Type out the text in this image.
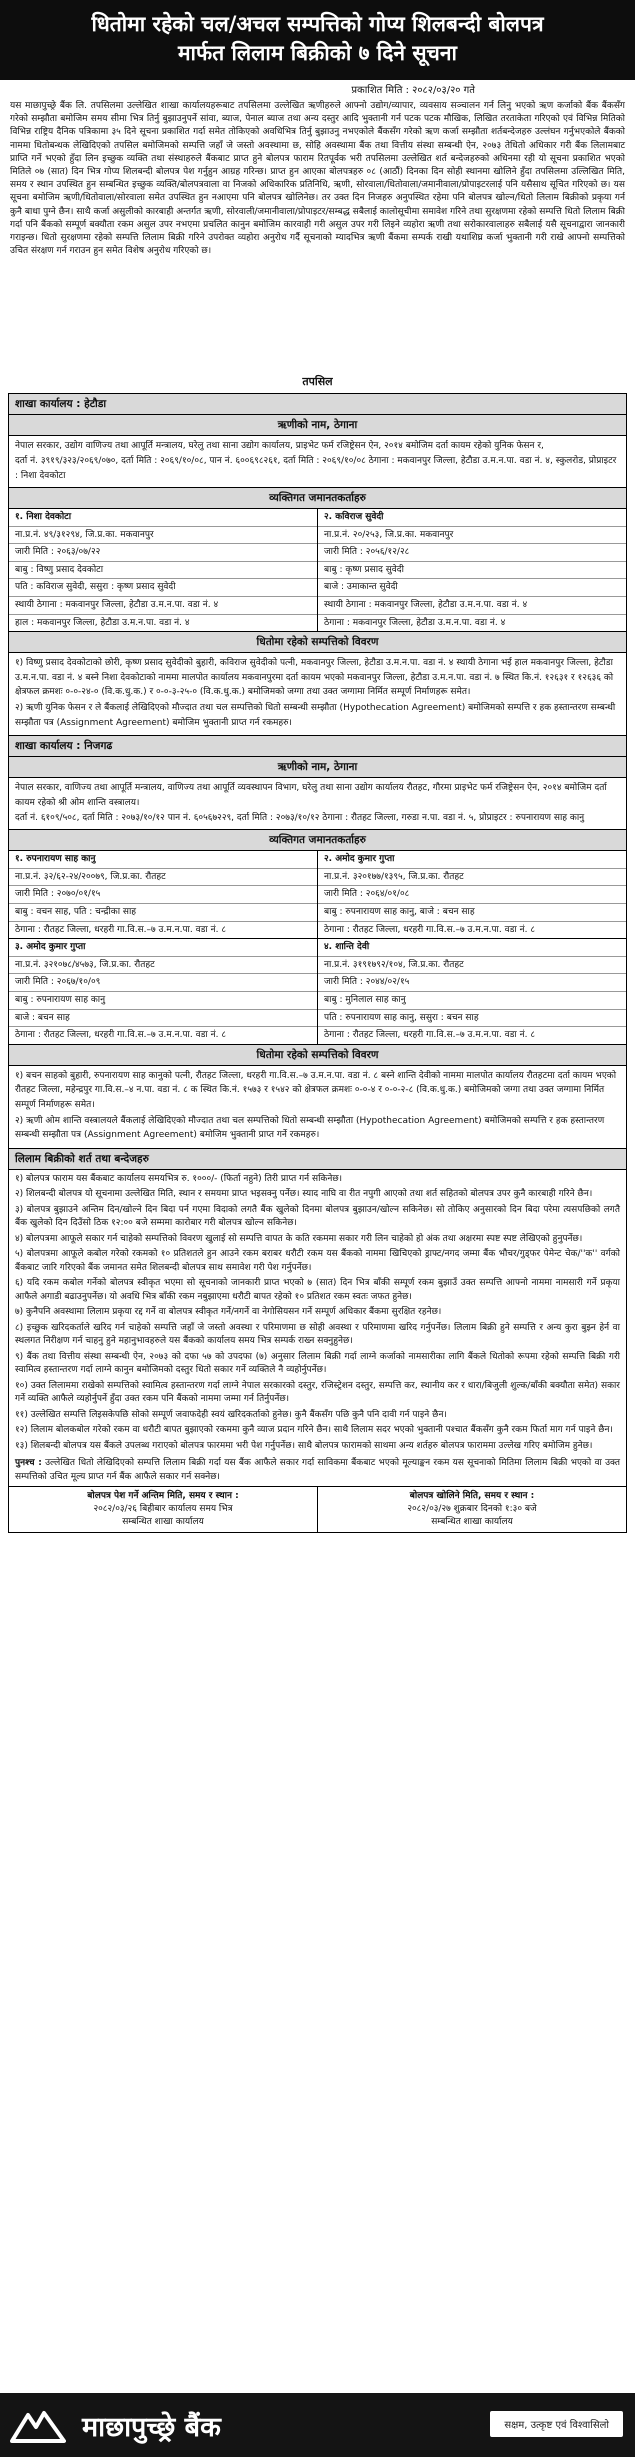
धितोमा रहेको चल/अचल सम्पत्तिको गोप्य शिलबन्दी बोलपत्र
मार्फत लिलाम बिक्रीको ७ दिने सूचना
प्रकाशित मिति : २०८२/०३/२० गते
यस माछापुच्छ्रे बैंक लि. तपसिलमा उल्लेखित शाखा कार्यालयहरूबाट तपसिलमा उल्लेखित ऋणीहरुले आफ्नो उद्योग/व्यापार, व्यवसाय सञ्चालन गर्न लिनु भएको ऋण कर्जाको बैंक बैंकसँग गरेको सम्झौता बमोजिम समय सीमा भित्र तिर्नु बुझाउनुपर्ने सांवा, ब्याज, पेनाल ब्याज तथा अन्य दस्तुर आदि भुक्तानी गर्न पटक पटक मौखिक, लिखित तरताकेता गरिएको एवं विभिन्न मितिको विभिन्न राष्ट्रिय दैनिक पत्रिकामा ३५ दिने सूचना प्रकाशित गर्दा समेत तोकिएको अवधिभित्र तिर्नु बुझाउनु नभएकोले बैंकसँग गरेको ऋण कर्जा सम्झौता शर्तबन्देजहरु उल्लंघन गर्नुभएकोले बैंकको नाममा धितोबन्धक लेखिदिएको तपसिल बमोजिमको सम्पत्ति जहाँ जे जस्तो अवस्थामा छ, सोहि अवस्थामा बैंक तथा वित्तीय संस्था सम्बन्धी ऐन, २०७३ तेधितो अधिकार गरी बैंक लिलामबाट प्राप्ति गर्ने भएको हुँदा लिन इच्छुक व्यक्ति तथा संस्थाहरुले बैंकबाट प्राप्त हुने बोलपत्र फाराम रितपूर्वक भरी तपसिलमा उल्लेखित शर्त बन्देजहरुको अधिनमा रही यो सूचना प्रकाशित भएको मितिले ०७ (सात) दिन भित्र गोप्य शिलबन्दी बोलपत्र पेश गर्नुहुन आग्रह गरिन्छ। प्राप्त हुन आएका बोलपत्रहरु ०८ (आठौं) दिनका दिन सोही स्थानमा खोलिने हुँदा तपसिलमा उल्लिखित मिति, समय र स्थान उपस्थित हुन सम्बन्धित इच्छुक व्यक्ति/बोलपत्रवाला वा निजको अधिकारिक प्रतिनिधि, ऋणी, सोरवाला/धितोवाला/जमानीवाला/प्रोपाइटरलाई पनि यसैसाथ सूचित गरिएको छ। यस सूचना बमोजिम ऋणी/धितोवाला/सोरवाला समेत उपस्थित हुन नआएमा पनि बोलपत्र खोलिनेछ। तर उक्त दिन निजहरु अनुपस्थित रहेमा पनि बोलपत्र खोल्न/धितो लिलाम बिक्रीको प्रकृया गर्न कुनै बाधा पुग्ने छैन। साथै कर्जा असुलीको कारबाही अन्तर्गत ऋणी, सोरवाली/जमानीवाला/प्रोपाइटर/सम्बद्ध सबैलाई कालोसूचीमा समावेश गरिने तथा सुरक्षणमा रहेको सम्पत्ति धितो लिलाम बिक्री गर्दा पनि बैंकको सम्पूर्ण बक्यौता रकम असुल उपर नभएमा प्रचलित कानुन बमोजिम कारवाही गरी असुल उपर गरी लिइने व्यहोरा ऋणी तथा सरोकारवालाहरु सबैलाई यसै सूचनाद्वारा जानकारी गराइन्छ। धितो सुरक्षणमा रहेको सम्पत्ति लिलाम बिक्री गरिने उपरोक्त व्यहोरा अनुरोध गर्दै सूचनाको म्यादभित्र ऋणी बैंकमा सम्पर्क राखी यथाशिघ्र कर्जा भुक्तानी गरी राखे आफ्नो सम्पत्तिको उचित संरक्षण गर्न गराउन हुन समेत विशेष अनुरोध गरिएको छ।
तपसिल
शाखा कार्यालय : हेटौडा
ऋणीको नाम, ठेगाना
नेपाल सरकार, उद्योग वाणिज्य तथा आपूर्ति मन्त्रालय, घरेलु तथा साना उद्योग कार्यालय, प्राइभेट फर्म रजिष्ट्रेसन ऐन, २०१४ बमोजिम दर्ता कायम रहेको युनिक फेसन र,
दर्ता नं. ३९१९/३२३/२०६९/०७०, दर्ता मिति : २०६९/१०/०८, पान नं. ६००६९८२६१, दर्ता मिति : २०६९/१०/०८ ठेगाना : मकवानपुर जिल्ला, हेटौडा उ.म.न.पा. वडा नं. ४, स्कुलरोड, प्रोप्राइटर : निशा देवकोटा
व्यक्तिगत जमानतकर्ताहरु
१. निशा देवकोटा
ना.प्र.नं. ४९/३१२९४, जि.प्र.का. मकवानपुर
जारी मिति : २०६३/०७/२२
बाबु : विष्णु प्रसाद देवकोटा
पति : कविराज सुवेदी, ससुरा : कृष्ण प्रसाद सुवेदी
स्थायी ठेगाना : मकवानपुर जिल्ला, हेटौडा उ.म.न.पा. वडा नं. ४
हाल : मकवानपुर जिल्ला, हेटौडा उ.म.न.पा. वडा नं. ४
२. कविराज सुवेदी
ना.प्र.नं. २०/२५३, जि.प्र.का. मकवानपुर
जारी मिति : २०५६/१२/२८
बाबु : कृष्ण प्रसाद सुवेदी
बाजे : उमाकान्त सुवेदी
स्थायी ठेगाना : मकवानपुर जिल्ला, हेटौडा उ.म.न.पा. वडा नं. ४
ठेगाना : मकवानपुर जिल्ला, हेटौडा उ.म.न.पा. वडा नं. ४
धितोमा रहेको सम्पत्तिको विवरण
१) विष्णु प्रसाद देवकोटाको छोरी, कृष्ण प्रसाद सुवेदीको बुहारी, कविराज सुवेदीको पत्नी, मकवानपुर जिल्ला, हेटौडा उ.म.न.पा. वडा नं. ४ स्थायी ठेगाना भई हाल मकवानपुर जिल्ला, हेटौडा उ.म.न.पा. वडा नं. ४ बस्ने निशा देवकोटाको नाममा मालपोत कार्यालय मकवानपुरमा दर्ता कायम भएको मकवानपुर जिल्ला, हेटौडा उ.म.न.पा. वडा नं. ७ स्थित कि.नं. १२६३१ र १२६३६ को क्षेत्रफल क्रमशः ०-०-२४-० (वि.क.धु.क.) र ०-०-३-२५-० (वि.क.धु.क.) बमोजिमको जग्गा तथा उक्त जग्गामा निर्मित सम्पूर्ण निर्माणहरू समेत।
२) ऋणी युनिक फेसन र ले बैंकलाई लेखिदिएको मौज्दात तथा चल सम्पत्तिको धितो सम्बन्धी सम्झौता (Hypothecation Agreement) बमोजिमको सम्पत्ति र हक हस्तान्तरण सम्बन्धी सम्झौता पत्र (Assignment Agreement) बमोजिम भुक्तानी प्राप्त गर्न रकमहरु।
शाखा कार्यालय : निजगढ
ऋणीको नाम, ठेगाना
नेपाल सरकार, वाणिज्य तथा आपूर्ति मन्त्रालय, वाणिज्य तथा आपूर्ति व्यवस्थापन विभाग, घरेलु तथा साना उद्योग कार्यालय रौतहट, गौरमा प्राइभेट फर्म रजिष्ट्रेसन ऐन, २०१४ बमोजिम दर्ता कायम रहेको श्री ओम शान्ति वस्त्रालय।
दर्ता नं. ६१०९/५०८, दर्ता मिति : २०७३/१०/१२ पान नं. ६०५६७२२९, दर्ता मिति : २०७३/१०/१२ ठेगाना : रौतहट जिल्ला, गरुडा न.पा. वडा नं. ५, प्रोप्राइटर : रुपनारायण साह कानु
व्यक्तिगत जमानतकर्ताहरु
१. रुपनारायण साह कानु
ना.प्र.नं. ३२/६२-२४/२००७९, जि.प्र.का. रौतहट
जारी मिति : २०७०/०१/१५
बाबु : वचन साह, पति : चन्द्रीका साह
ठेगाना : रौतहट जिल्ला, धरहरी गा.वि.स.–७ उ.म.न.पा. वडा नं. ८
२. अमोद कुमार गुप्ता
ना.प्र.नं. ३२०१७७/१३९५, जि.प्र.का. रौतहट
जारी मिति : २०६४/०१/०८
बाबु : रुपनारायण साह कानु, बाजे : बचन साह
ठेगाना : रौतहट जिल्ला, धरहरी गा.वि.स.–७ उ.म.न.पा. वडा नं. ८
३. अमोद कुमार गुप्ता
ना.प्र.नं. ३२१०७८/४५७३, जि.प्र.का. रौतहट
जारी मिति : २०६७/१०/०९
बाबु : रुपनारायण साह कानु
बाजे : बचन साह
ठेगाना : रौतहट जिल्ला, धरहरी गा.वि.स.–७ उ.म.न.पा. वडा नं. ८
४. शान्ति देवी
ना.प्र.नं. ३१९१७९२/१०४, जि.प्र.का. रौतहट
जारी मिति : २०४४/०२/१५
बाबु : मुनिलाल साह कानु
पति : रुपनारायण साह कानु, ससुरा : बचन साह
ठेगाना : रौतहट जिल्ला, धरहरी गा.वि.स.–७ उ.म.न.पा. वडा नं. ८
धितोमा रहेको सम्पत्तिको विवरण
१) बचन साहको बुहारी, रुपनारायण साह कानुको पत्नी, रौतहट जिल्ला, धरहरी गा.वि.स.–७ उ.म.न.पा. वडा नं. ८ बस्ने शान्ति देवीको नाममा मालपोत कार्यालय रौतहटमा दर्ता कायम भएको रौतहट जिल्ला, महेन्द्रपुर गा.वि.स.–४ न.पा. वडा नं. ८ क स्थित कि.नं. १५७३ र १५४२ को क्षेत्रफल क्रमशः ०-०-४ र ०-०-२-८ (वि.क.धु.क.) बमोजिमको जग्गा तथा उक्त जग्गामा निर्मित सम्पूर्ण निर्माणहरू समेत।
२) ऋणी ओम शान्ति वस्त्रालयले बैंकलाई लेखिदिएको मौज्दात तथा चल सम्पत्तिको धितो सम्बन्धी सम्झौता (Hypothecation Agreement) बमोजिमको सम्पत्ति र हक हस्तान्तरण सम्बन्धी सम्झौता पत्र (Assignment Agreement) बमोजिम भुक्तानी प्राप्त गर्ने रकमहरु।
लिलाम बिक्रीको शर्त तथा बन्देजहरु
१) बोलपत्र फाराम यस बैंकबाट कार्यालय समयभित्र रु. १०००/- (फिर्ता नहुने) तिरी प्राप्त गर्न सकिनेछ।
२) शिलबन्दी बोलपत्र यो सूचनामा उल्लेखित मिति, स्थान र समयमा प्राप्त भइसक्नु पर्नेछ। स्याद नाघि वा रीत नपुगी आएको तथा शर्त सहितको बोलपत्र उपर कुनै कारबाही गरिने छैन।
३) बोलपत्र बुझाउने अन्तिम दिन/खोल्ने दिन बिदा पर्न गएमा विदाको लगतै बैंक खुलेको दिनमा बोलपत्र बुझाउन/खोल्न सकिनेछ। सो तोकिए अनुसारको दिन बिदा परेमा त्यसपछिको लगतै बैंक खुलेको दिन दिउँसो ठिक १२:०० बजे सम्ममा कारोबार गरी बोलपत्र खोल्न सकिनेछ।
४) बोलपत्रमा आफूले सकार गर्न चाहेको सम्पत्तिको विवरण खुलाई सो सम्पत्ति वापत के कति रकममा सकार गरी लिन चाहेको हो अंक तथा अक्षरमा स्पष्ट स्पष्ट लेखिएको हुनुपर्नेछ।
५) बोलपत्रमा आफूले कबोल गरेको रकमको १० प्रतिशतले हुन आउने रकम बराबर धरौटी रकम यस बैंकको नाममा खिचिएको ड्राफ्ट/नगद जम्मा बैंक भौचर/गुड्‌फर पेमेन्ट चेक/''क'' वर्गको बैंकबाट जारि गरिएको बैंक जमानत समेत शिलबन्दी बोलपत्र साथ समावेश गरी पेश गर्नुपर्नेछ।
६) यदि रकम कबोल गर्नेको बोलपत्र स्वीकृत भएमा सो सूचनाको जानकारी प्राप्त भएको ७ (सात) दिन भित्र बाँकी सम्पूर्ण रकम बुझाउँ उक्त सम्पत्ति आफ्नो नाममा नामसारी गर्ने प्रकृया आफैले अगाडी बढाउनुपर्नेछ। यो अवधि भित्र बाँकी रकम नबुझाएमा धरौटी बापत रहेको १० प्रतिशत रकम स्वतः जफत हुनेछ।
७) कुनैपनि अवस्थामा लिलाम प्रकृया रद्द गर्ने वा बोलपत्र स्वीकृत गर्ने/नगर्ने वा नेगोसियसन गर्ने सम्पूर्ण अधिकार बैंकमा सुरक्षित रहनेछ।
८) इच्छुक खरिदकर्ताले खरिद गर्न चाहेको सम्पत्ति जहाँ जे जस्तो अवस्था र परिमाणमा छ सोही अवस्था र परिमाणमा खरिद गर्नुपर्नेछ। लिलाम बिक्री हुने सम्पत्ति र अन्य कुरा बुझ्न हेर्न वा स्थलगत निरीक्षण गर्न चाहनु हुने महानुभावहरुले यस बैंकको कार्यालय समय भित्र सम्पर्क राख्न सक्नुहुनेछ।
९) बैंक तथा वित्तीय संस्था सम्बन्धी ऐन, २०७३ को दफा ५७ को उपदफा (७) अनुसार लिलाम बिक्री गर्दा लाग्ने कर्जाको नामसारीका लागि बैंकले धितोको रूपमा रहेको सम्पत्ति बिक्री गरी स्वामित्व हस्तान्तरण गर्दा लाग्ने कानुन बमोजिमको दस्तुर धितो सकार गर्ने व्यक्तिले नै व्यहोर्नुपर्नेछ।
१०) उक्त लिलाममा राखेको सम्पत्तिको स्वामित्व हस्तान्तरण गर्दा लाग्ने नेपाल सरकारको दस्तुर, रजिस्ट्रेशन दस्तुर, सम्पत्ति कर, स्थानीय कर र धारा/बिजुली शुल्क/बाँकी बक्यौता समेत) सकार गर्ने व्यक्ति आफैले व्यहोर्नुपर्ने हुँदा उक्त रकम पनि बैंकको नाममा जम्मा गर्न तिर्नुपर्नेछ।
११) उल्लेखित सम्पत्ति लिइसकेपछि सोको सम्पूर्ण जवाफदेही स्वयं खरिदकर्ताको हुनेछ। कुनै बैंकसँग पछि कुनै पनि दावी गर्न पाइने छैन।
१२) लिलाम बोलकबोल गरेको रकम वा धरौटी बापत बुझाएको रकममा कुनै व्याज प्रदान गरिने छैन। साथै लिलाम सदर भएको भुक्तानी पश्चात बैंकसँग कुनै रकम फिर्ता माग गर्न पाइने छैन।
१३) शिलबन्दी बोलपत्र यस बैंकले उपलब्ध गराएको बोलपत्र फारममा भरी पेश गर्नुपर्नेछ। साथै बोलपत्र फारामको साथमा अन्य शर्तहरु बोलपत्र फाराममा उल्लेख गरिए बमोजिम हुनेछ।
पुनश्च : उल्लेखित धितो लेखिदिएको सम्पत्ति लिलाम बिक्री गर्दा यस बैंक आफैले सकार गर्दा साविकमा बैंकबाट भएको मूल्याङ्कन रकम यस सूचनाको मितिमा लिलाम बिक्री भएको वा उक्त सम्पत्तिको उचित मूल्य प्राप्त गर्न बैंक आफैले सकार गर्न सक्नेछ।
बोलपत्र पेश गर्ने अन्तिम मिति, समय र स्थान :
२०८२/०३/२६ बिहीबार कार्यालय समय भित्र
सम्बन्धित शाखा कार्यालय
बोलपत्र खोलिने मिति, समय र स्थान :
२०८२/०३/२७ शुक्रबार दिनको १:३० बजे
सम्बन्धित शाखा कार्यालय
माछापुच्छ्रे बैंक	सक्षम, उत्कृष्ट एवं विश्वासिलो
